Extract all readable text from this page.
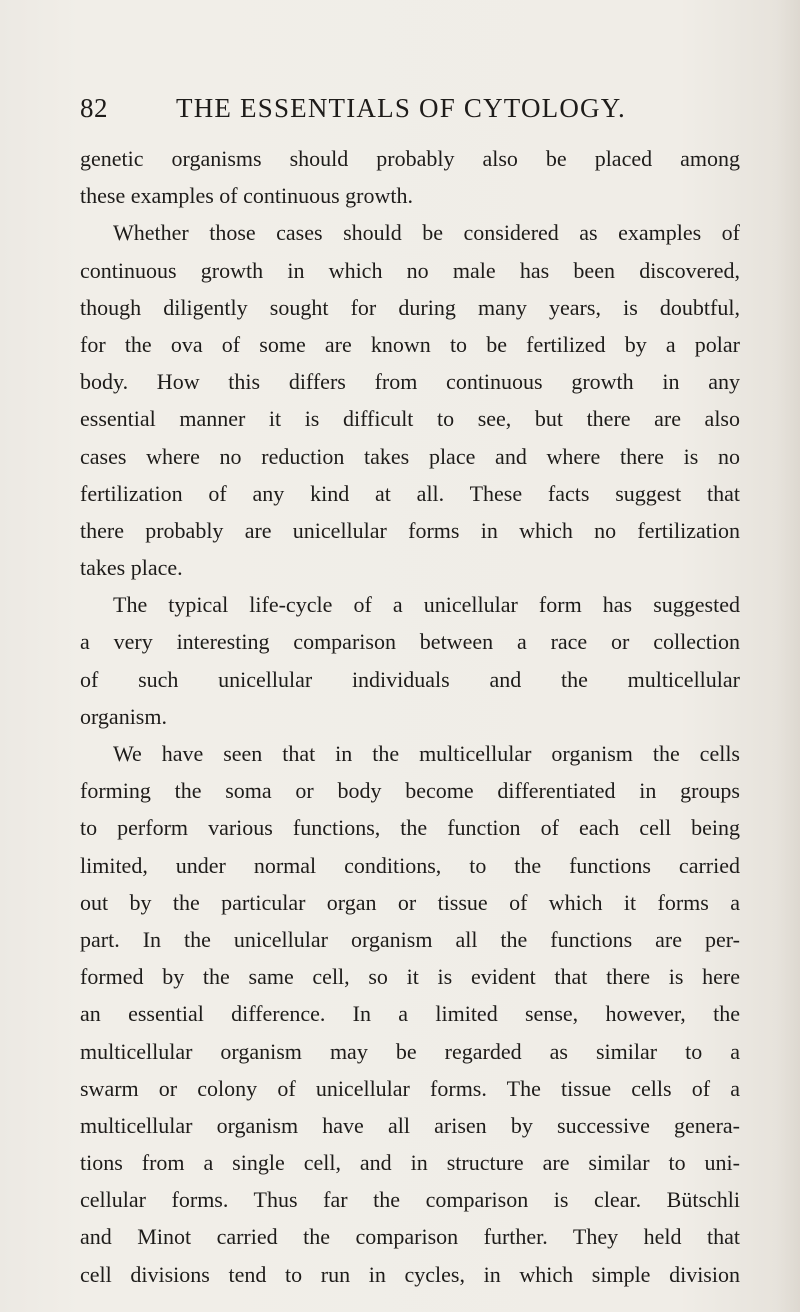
82	THE ESSENTIALS OF CYTOLOGY.
genetic organisms should probably also be placed among
these examples of continuous growth.
Whether those cases should be considered as examples of
continuous growth in which no male has been discovered,
though diligently sought for during many years, is doubtful,
for the ova of some are known to be fertilized by a polar
body. How this differs from continuous growth in any
essential manner it is difficult to see, but there are also
cases where no reduction takes place and where there is no
fertilization of any kind at all. These facts suggest that
there probably are unicellular forms in which no fertilization
takes place.
The typical life-cycle of a unicellular form has suggested
a very interesting comparison between a race or collection
of such unicellular individuals and the multicellular
organism.
We have seen that in the multicellular organism the cells
forming the soma or body become differentiated in groups
to perform various functions, the function of each cell being
limited, under normal conditions, to the functions carried
out by the particular organ or tissue of which it forms a
part. In the unicellular organism all the functions are per-
formed by the same cell, so it is evident that there is here
an essential difference. In a limited sense, however, the
multicellular organism may be regarded as similar to a
swarm or colony of unicellular forms. The tissue cells of a
multicellular organism have all arisen by successive genera-
tions from a single cell, and in structure are similar to uni-
cellular forms. Thus far the comparison is clear. Bütschli
and Minot carried the comparison further. They held that
cell divisions tend to run in cycles, in which simple division
